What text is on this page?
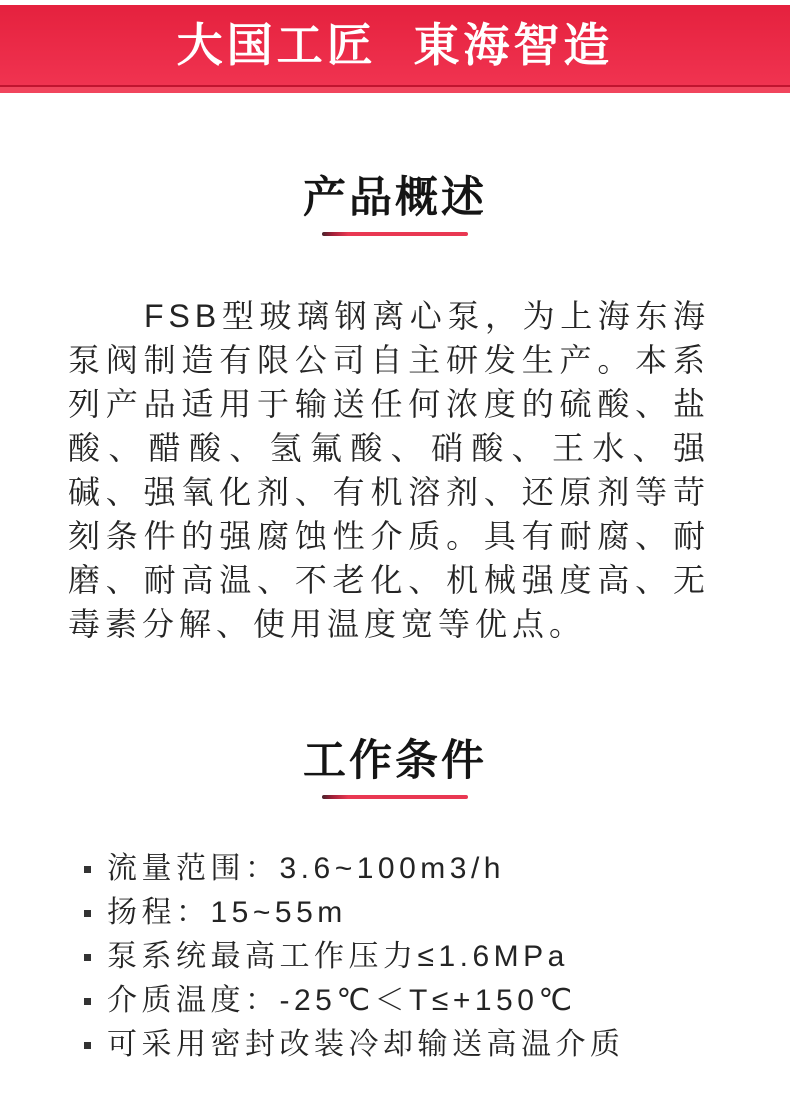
大国工匠 東海智造
产品概述

FSB型玻璃钢离心泵，为上海东海泵阀制造有限公司自主研发生产。本系列产品适用于输送任何浓度的硫酸、盐酸、醋酸、氢氟酸、硝酸、王水、强碱、强氧化剂、有机溶剂、还原剂等苛刻条件的强腐蚀性介质。具有耐腐、耐磨、耐高温、不老化、机械强度高、无毒素分解、使用温度宽等优点。

工作条件
流量范围：3.6~100m3/h
扬程：15~55m
泵系统最高工作压力≤1.6MPa
介质温度：-25℃＜T≤+150℃
可采用密封改装冷却输送高温介质
